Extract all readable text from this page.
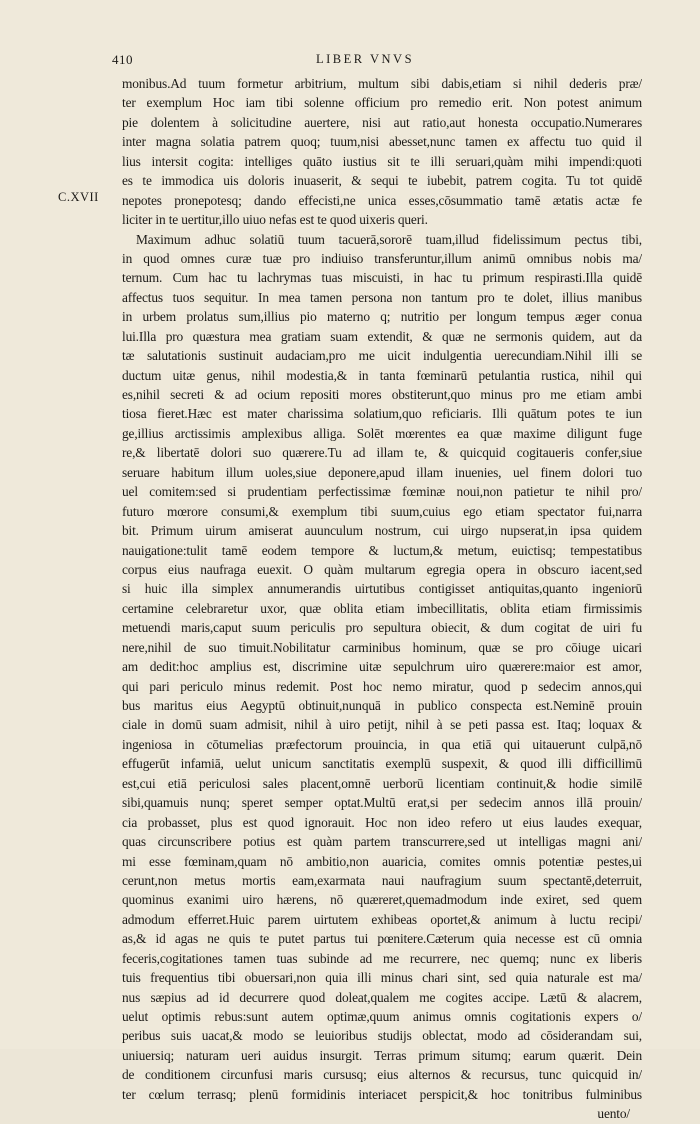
410	LIBER VNVS
C.XVII
monibus.Ad tuum formetur arbitrium, multum sibi dabis,etiam si nihil dederis præ/
ter exemplum Hoc iam tibi solenne officium pro remedio erit. Non potest animum
pie dolentem à solicitudine auertere, nisi aut ratio,aut honesta occupatio.Numerares
inter magna solatia patrem quoq; tuum,nisi abesset,nunc tamen ex affectu tuo quid il
lius intersit cogita: intelliges quāto iustius sit te illi seruari,quàm mihi impendi:quoti
es te immodica uis doloris inuaserit, & sequi te iubebit, patrem cogita. Tu tot quidē
nepotes pronepotesq; dando effecisti,ne unica esses,cōsummatio tamē ætatis actæ fe
liciter in te uertitur,illo uiuo nefas est te quod uixeris queri.
Maximum adhuc solatiū tuum tacuerā,sororē tuam,illud fidelissimum pectus tibi,
in quod omnes curæ tuæ pro indiuiso transferuntur,illum animū omnibus nobis ma/
ternum. Cum hac tu lachrymas tuas miscuisti, in hac tu primum respirasti.Illa quidē
affectus tuos sequitur. In mea tamen persona non tantum pro te dolet, illius manibus
in urbem prolatus sum,illius pio materno q; nutritio per longum tempus æger conua
lui.Illa pro quæstura mea gratiam suam extendit, & quæ ne sermonis quidem, aut da
tæ salutationis sustinuit audaciam,pro me uicit indulgentia uerecundiam.Nihil illi se
ductum uitæ genus, nihil modestia,& in tanta fœminarū petulantia rustica, nihil qui
es,nihil secreti & ad ocium repositi mores obstiterunt,quo minus pro me etiam ambi
tiosa fieret.Hæc est mater charissima solatium,quo reficiaris. Illi quātum potes te iun
ge,illius arctissimis amplexibus alliga. Solēt mœrentes ea quæ maxime diligunt fuge
re,& libertatē dolori suo quærere.Tu ad illam te, & quicquid cogitaueris confer,siue
seruare habitum illum uoles,siue deponere,apud illam inuenies, uel finem dolori tuo
uel comitem:sed si prudentiam perfectissimæ fœminæ noui,non patietur te nihil pro/
futuro mœrore consumi,& exemplum tibi suum,cuius ego etiam spectator fui,narra
bit. Primum uirum amiserat auunculum nostrum, cui uirgo nupserat,in ipsa quidem
nauigatione:tulit tamē eodem tempore & luctum,& metum, euictisq; tempestatibus
corpus eius naufraga euexit. O quàm multarum egregia opera in obscuro iacent,sed
si huic illa simplex annumerandis uirtutibus contigisset antiquitas,quanto ingeniorū
certamine celebraretur uxor, quæ oblita etiam imbecillitatis, oblita etiam firmissimis
metuendi maris,caput suum periculis pro sepultura obiecit, & dum cogitat de uiri fu
nere,nihil de suo timuit.Nobilitatur carminibus hominum, quæ se pro cōiuge uicari
am dedit:hoc amplius est, discrimine uitæ sepulchrum uiro quærere:maior est amor,
qui pari periculo minus redemit. Post hoc nemo miratur, quod p sedecim annos,qui
bus maritus eius Aegyptū obtinuit,nunquā in publico conspecta est.Neminē prouin
ciale in domū suam admisit, nihil à uiro petijt, nihil à se peti passa est. Itaq; loquax &
ingeniosa in cōtumelias præfectorum prouincia, in qua etiā qui uitauerunt culpā,nō
effugerūt infamiā, uelut unicum sanctitatis exemplū suspexit, & quod illi difficillimū
est,cui etiā periculosi sales placent,omnē uerborū licentiam continuit,& hodie similē
sibi,quamuis nunq; speret semper optat.Multū erat,si per sedecim annos illā prouin/
cia probasset, plus est quod ignorauit. Hoc non ideo refero ut eius laudes exequar,
quas circunscribere potius est quàm partem transcurrere,sed ut intelligas magni ani/
mi esse fœminam,quam nō ambitio,non auaricia, comites omnis potentiæ pestes,ui
cerunt,non metus mortis eam,exarmata naui naufragium suum spectantē,deterruit,
quominus exanimi uiro hærens, nō quæreret,quemadmodum inde exiret, sed quem
admodum efferret.Huic parem uirtutem exhibeas oportet,& animum à luctu recipi/
as,& id agas ne quis te putet partus tui pœnitere.Cæterum quia necesse est cū omnia
feceris,cogitationes tamen tuas subinde ad me recurrere, nec quemq; nunc ex liberis
tuis frequentius tibi obuersari,non quia illi minus chari sint, sed quia naturale est ma/
nus sæpius ad id decurrere quod doleat,qualem me cogites accipe. Lætū & alacrem,
uelut optimis rebus:sunt autem optimæ,quum animus omnis cogitationis expers o/
peribus suis uacat,& modo se leuioribus studijs oblectat, modo ad cōsiderandam sui,
uniuersiq; naturam ueri auidus insurgit. Terras primum situmq; earum quærit. Dein
de conditionem circunfusi maris cursusq; eius alternos & recursus, tunc quicquid in/
ter cœlum terrasq; plenū formidinis interiacet perspicit,& hoc tonitribus fulminibus
uento/
